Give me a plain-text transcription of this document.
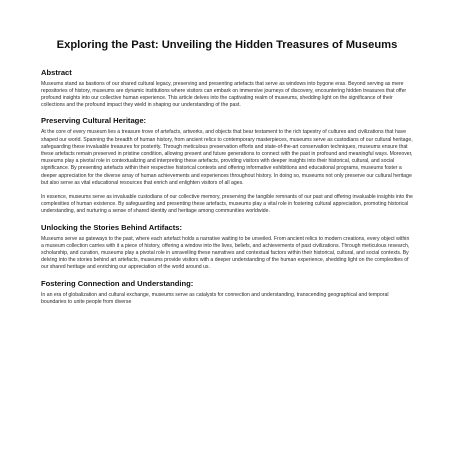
Exploring the Past: Unveiling the Hidden Treasures of Museums
Abstract

Museums stand as bastions of our shared cultural legacy, preserving and presenting artefacts that serve as windows into bygone eras. Beyond serving as mere repositories of history, museums are dynamic institutions where visitors can embark on immersive journeys of discovery, encountering hidden treasures that offer profound insights into our collective human experience. This article delves into the captivating realm of museums, shedding light on the significance of their collections and the profound impact they wield in shaping our understanding of the past.

Preserving Cultural Heritage:

At the core of every museum lies a treasure trove of artefacts, artworks, and objects that bear testament to the rich tapestry of cultures and civilizations that have shaped our world. Spanning the breadth of human history, from ancient relics to contemporary masterpieces, museums serve as custodians of our cultural heritage, safeguarding these invaluable treasures for posterity. Through meticulous preservation efforts and state-of-the-art conservation techniques, museums ensure that these artefacts remain preserved in pristine condition, allowing present and future generations to connect with the past in profound and meaningful ways. Moreover, museums play a pivotal role in contextualizing and interpreting these artefacts, providing visitors with deeper insights into their historical, cultural, and social significance. By presenting artefacts within their respective historical contexts and offering informative exhibitions and educational programs, museums foster a deeper appreciation for the diverse array of human achievements and experiences throughout history. In doing so, museums not only preserve our cultural heritage but also serve as vital educational resources that enrich and enlighten visitors of all ages.

In essence, museums serve as invaluable custodians of our collective memory, preserving the tangible remnants of our past and offering invaluable insights into the complexities of human existence. By safeguarding and presenting these artefacts, museums play a vital role in fostering cultural appreciation, promoting historical understanding, and nurturing a sense of shared identity and heritage among communities worldwide.

Unlocking the Stories Behind Artifacts:

Museums serve as gateways to the past, where each artefact holds a narrative waiting to be unveiled. From ancient relics to modern creations, every object within a museum collection carries with it a piece of history, offering a window into the lives, beliefs, and achievements of past civilizations. Through meticulous research, scholarship, and curation, museums play a pivotal role in unravelling these narratives and contextual factors within their historical, cultural, and social contexts. By delving into the stories behind art artefacts, museums provide visitors with a deeper understanding of the human experience, shedding light on the complexities of our shared heritage and enriching our appreciation of the world around us.

Fostering Connection and Understanding:

In an era of globalization and cultural exchange, museums serve as catalysts for connection and understanding, transcending geographical and temporal boundaries to unite people from diverse
